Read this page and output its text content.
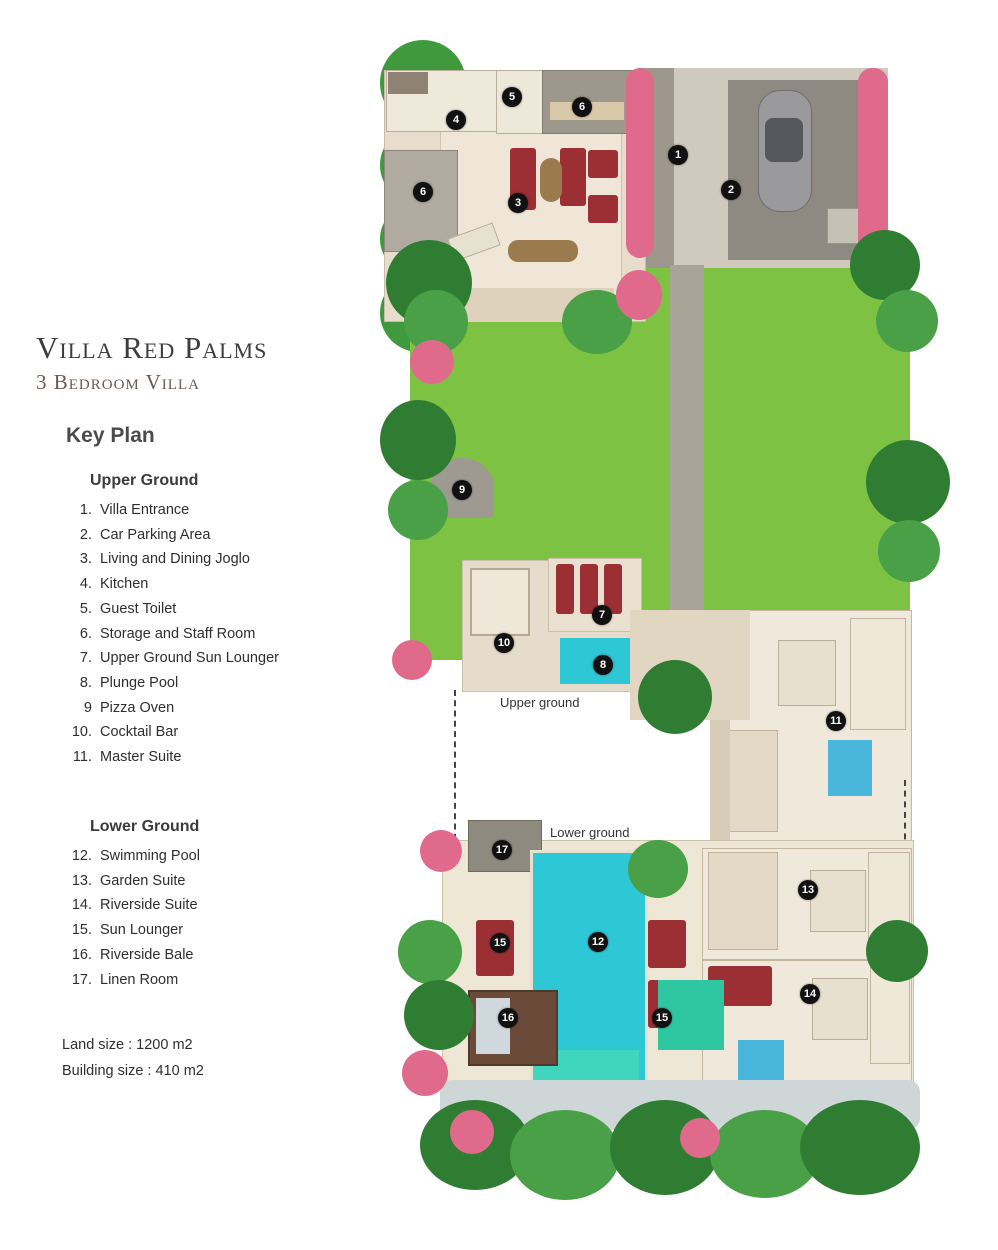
Villa Red Palms
3 Bedroom Villa
Key Plan
Upper Ground
1. Villa Entrance
2. Car Parking Area
3. Living and Dining Joglo
4. Kitchen
5. Guest Toilet
6. Storage and Staff Room
7. Upper Ground Sun Lounger
8. Plunge Pool
9 Pizza Oven
10. Cocktail Bar
11. Master Suite
Lower Ground
12. Swimming Pool
13. Garden Suite
14. Riverside Suite
15. Sun Lounger
16. Riverside Bale
17. Linen Room
Land size : 1200 m2
Building size : 410 m2
Upper ground
Lower ground
1
2
3
4
5
6
6
7
8
9
10
11
12
13
14
15
15
16
17
